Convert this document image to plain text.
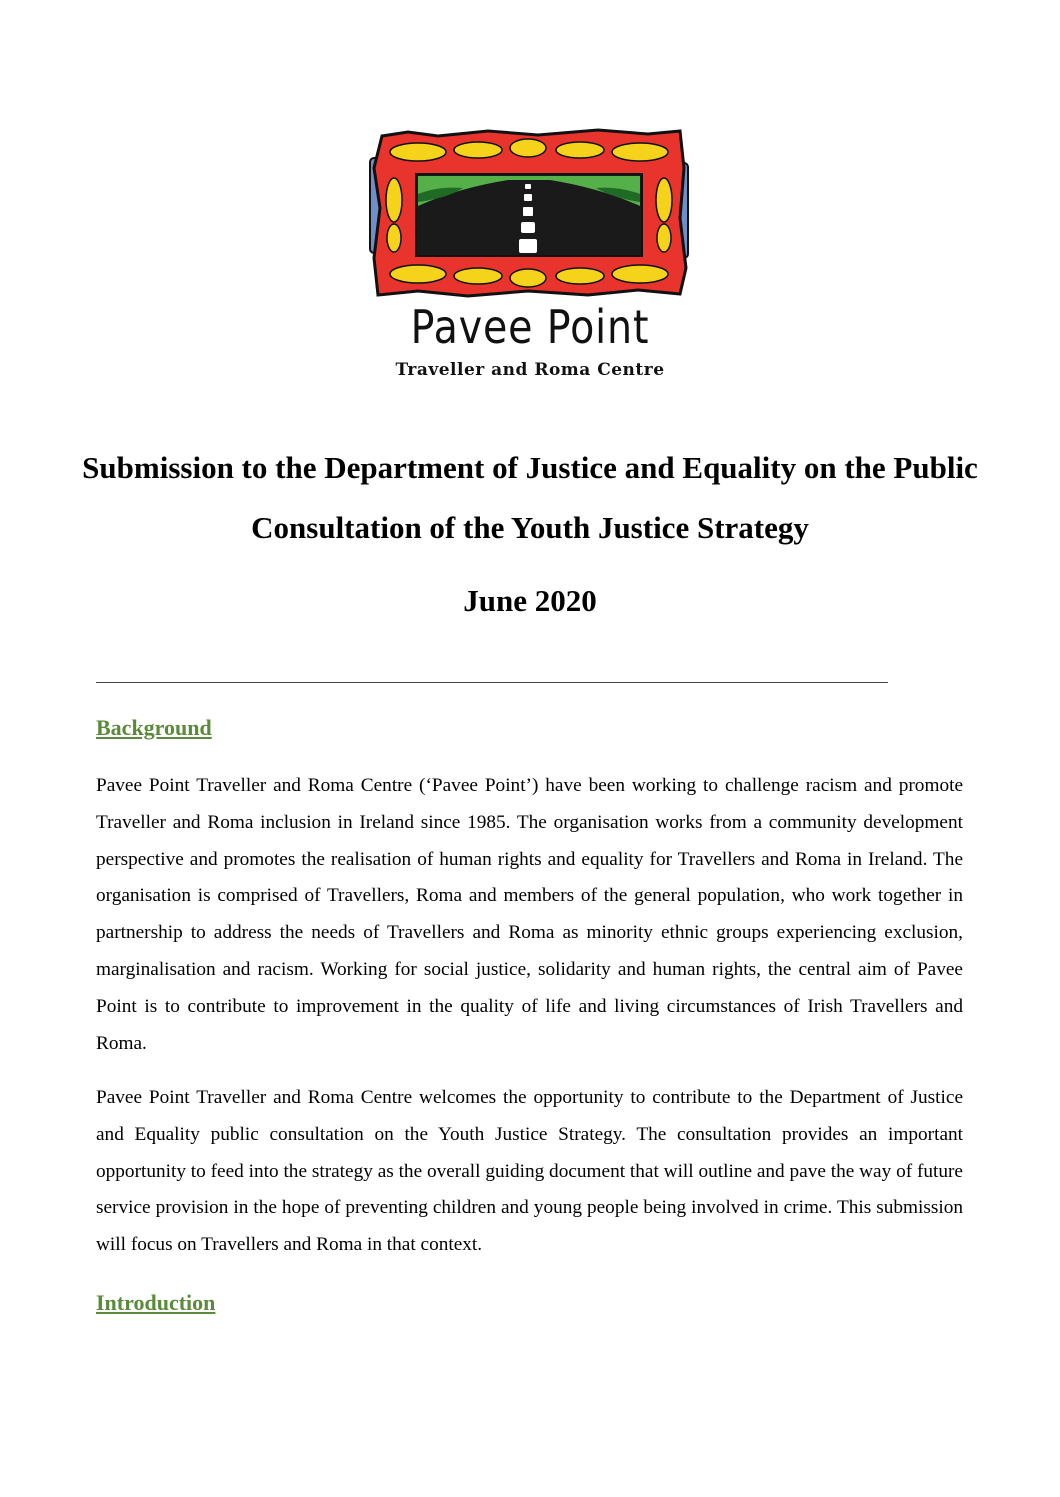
Pavee Point
Traveller and Roma Centre
Submission to the Department of Justice and Equality on the Public Consultation of the Youth Justice Strategy
June 2020
Background

Pavee Point Traveller and Roma Centre (‘Pavee Point’) have been working to challenge racism and promote Traveller and Roma inclusion in Ireland since 1985. The organisation works from a community development perspective and promotes the realisation of human rights and equality for Travellers and Roma in Ireland. The organisation is comprised of Travellers, Roma and members of the general population, who work together in partnership to address the needs of Travellers and Roma as minority ethnic groups experiencing exclusion, marginalisation and racism. Working for social justice, solidarity and human rights, the central aim of Pavee Point is to contribute to improvement in the quality of life and living circumstances of Irish Travellers and Roma.

Pavee Point Traveller and Roma Centre welcomes the opportunity to contribute to the Department of Justice and Equality public consultation on the Youth Justice Strategy. The consultation provides an important opportunity to feed into the strategy as the overall guiding document that will outline and pave the way of future service provision in the hope of preventing children and young people being involved in crime. This submission will focus on Travellers and Roma in that context.

Introduction
